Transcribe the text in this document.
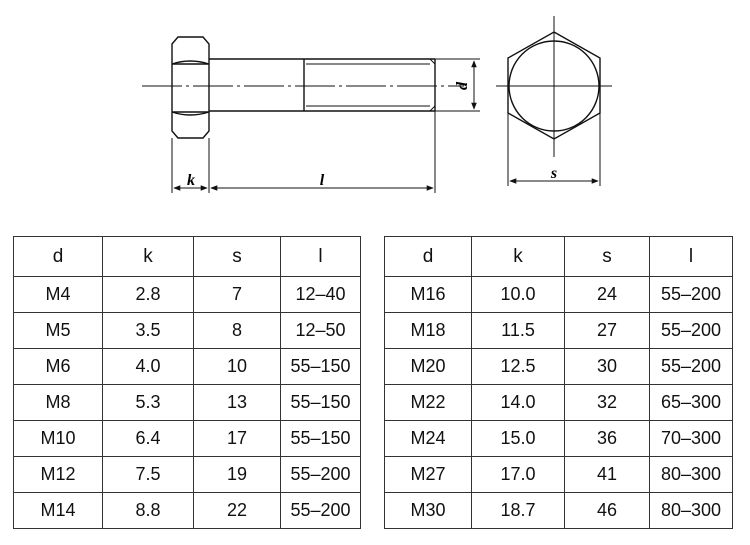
d
k	l	s
d	k	s	l
M4	2.8	7	12–40
M5	3.5	8	12–50
M6	4.0	10	55–150
M8	5.3	13	55–150
M10	6.4	17	55–150
M12	7.5	19	55–200
M14	8.8	22	55–200
d	k	s	l
M16	10.0	24	55–200
M18	11.5	27	55–200
M20	12.5	30	55–200
M22	14.0	32	65–300
M24	15.0	36	70–300
M27	17.0	41	80–300
M30	18.7	46	80–300
